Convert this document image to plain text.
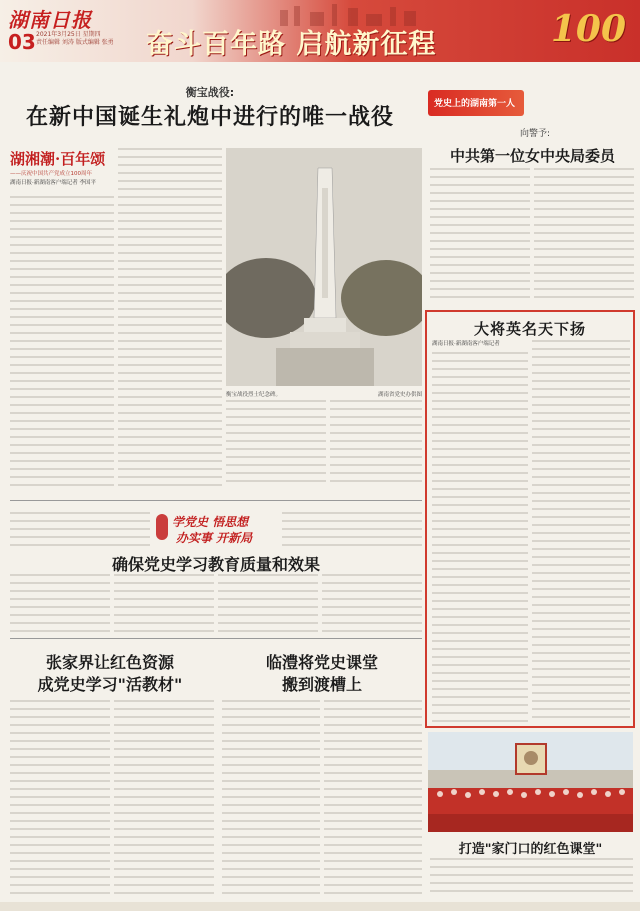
湖南日报
03 2021年3月25日 星期四
责任编辑 刘涛 版式编辑 张勇 奋斗百年路 启航新征程	100
衡宝战役:
在新中国诞生礼炮中进行的唯一战役
湖湘潮·百年颂
——庆祝中国共产党成立100周年
湖南日报·新湖南客户端记者 李国平
衡宝战役烈士纪念碑。	湖南省党史办供图
党史上的湖南第一人
向警予:
中共第一位女中央局委员
大将英名天下扬
湖南日报·新湖南客户端记者
学党史 悟思想
办实事 开新局
确保党史学习教育质量和效果
张家界让红色资源
成党史学习"活教材"
临澧将党史课堂
搬到渡槽上
打造"家门口的红色课堂"
